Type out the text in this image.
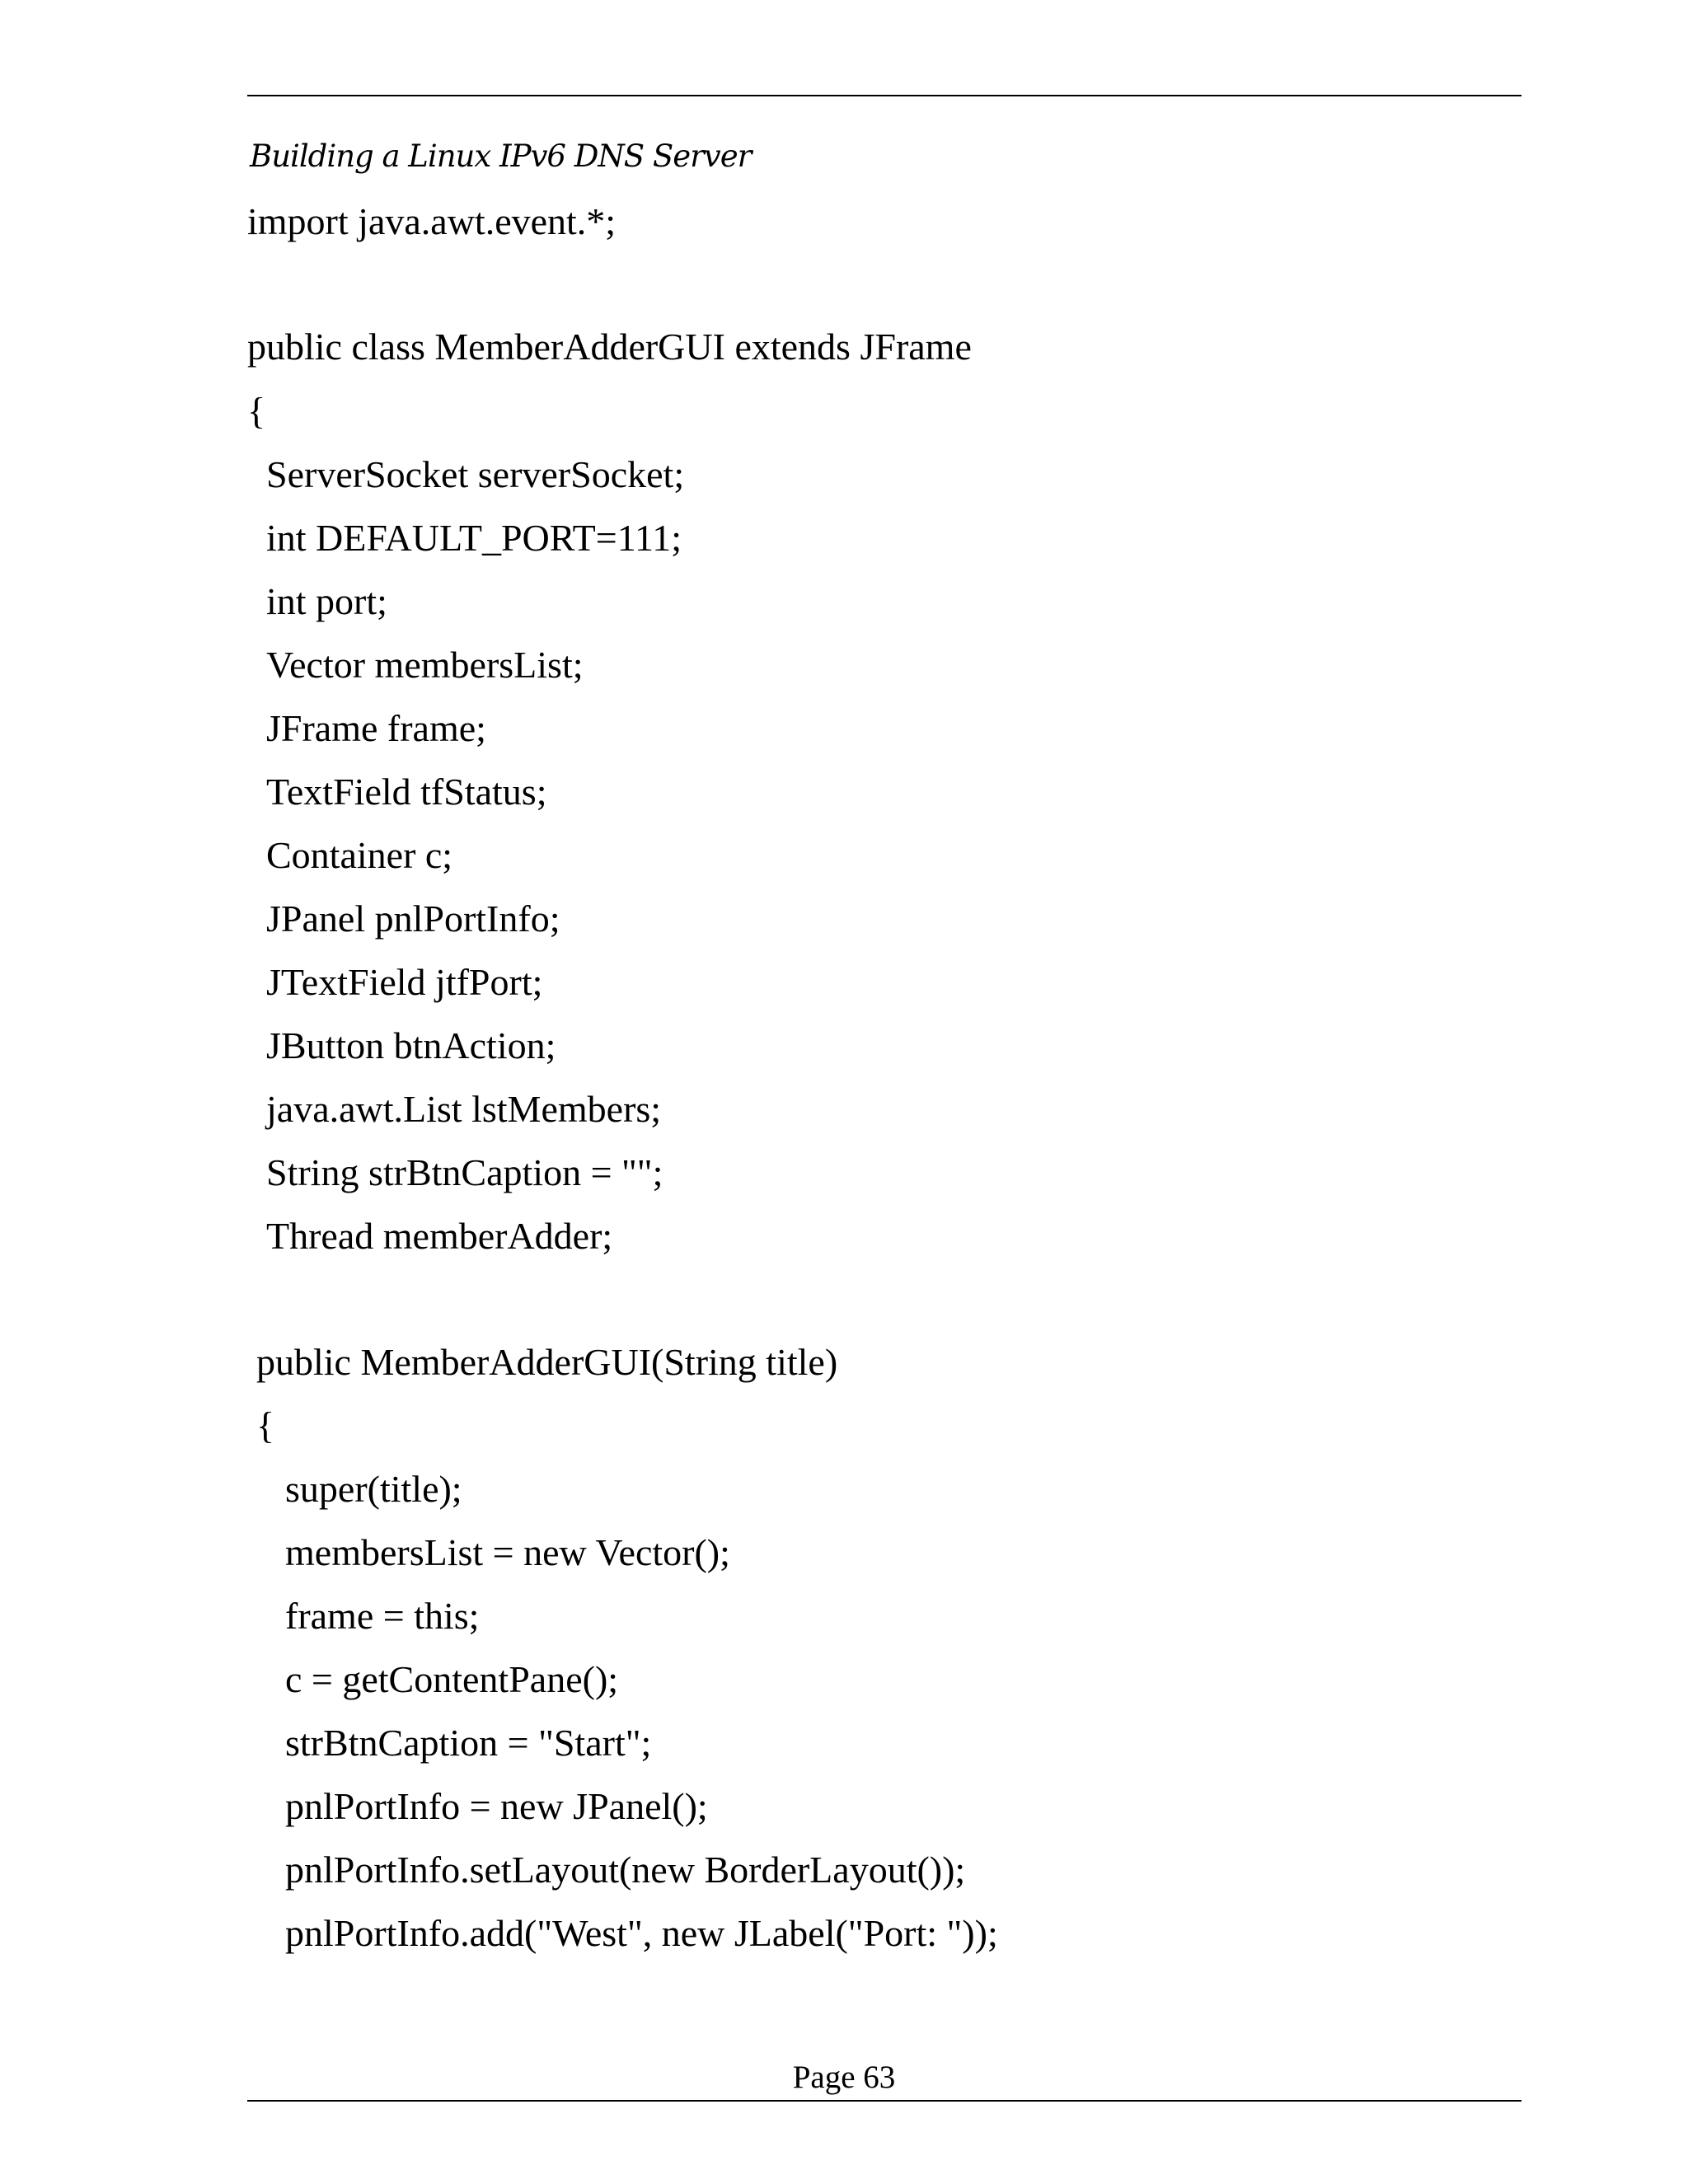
Building a Linux IPv6 DNS Server
import java.awt.event.*;
public class MemberAdderGUI extends JFrame
{
ServerSocket serverSocket;
int DEFAULT_PORT=111;
int port;
Vector membersList;
JFrame frame;
TextField tfStatus;
Container c;
JPanel pnlPortInfo;
JTextField jtfPort;
JButton btnAction;
java.awt.List lstMembers;
String strBtnCaption = "";
Thread memberAdder;
public MemberAdderGUI(String title)
{
super(title);
membersList = new Vector();
frame = this;
c = getContentPane();
strBtnCaption = "Start";
pnlPortInfo = new JPanel();
pnlPortInfo.setLayout(new BorderLayout());
pnlPortInfo.add("West", new JLabel("Port: "));
Page 63
